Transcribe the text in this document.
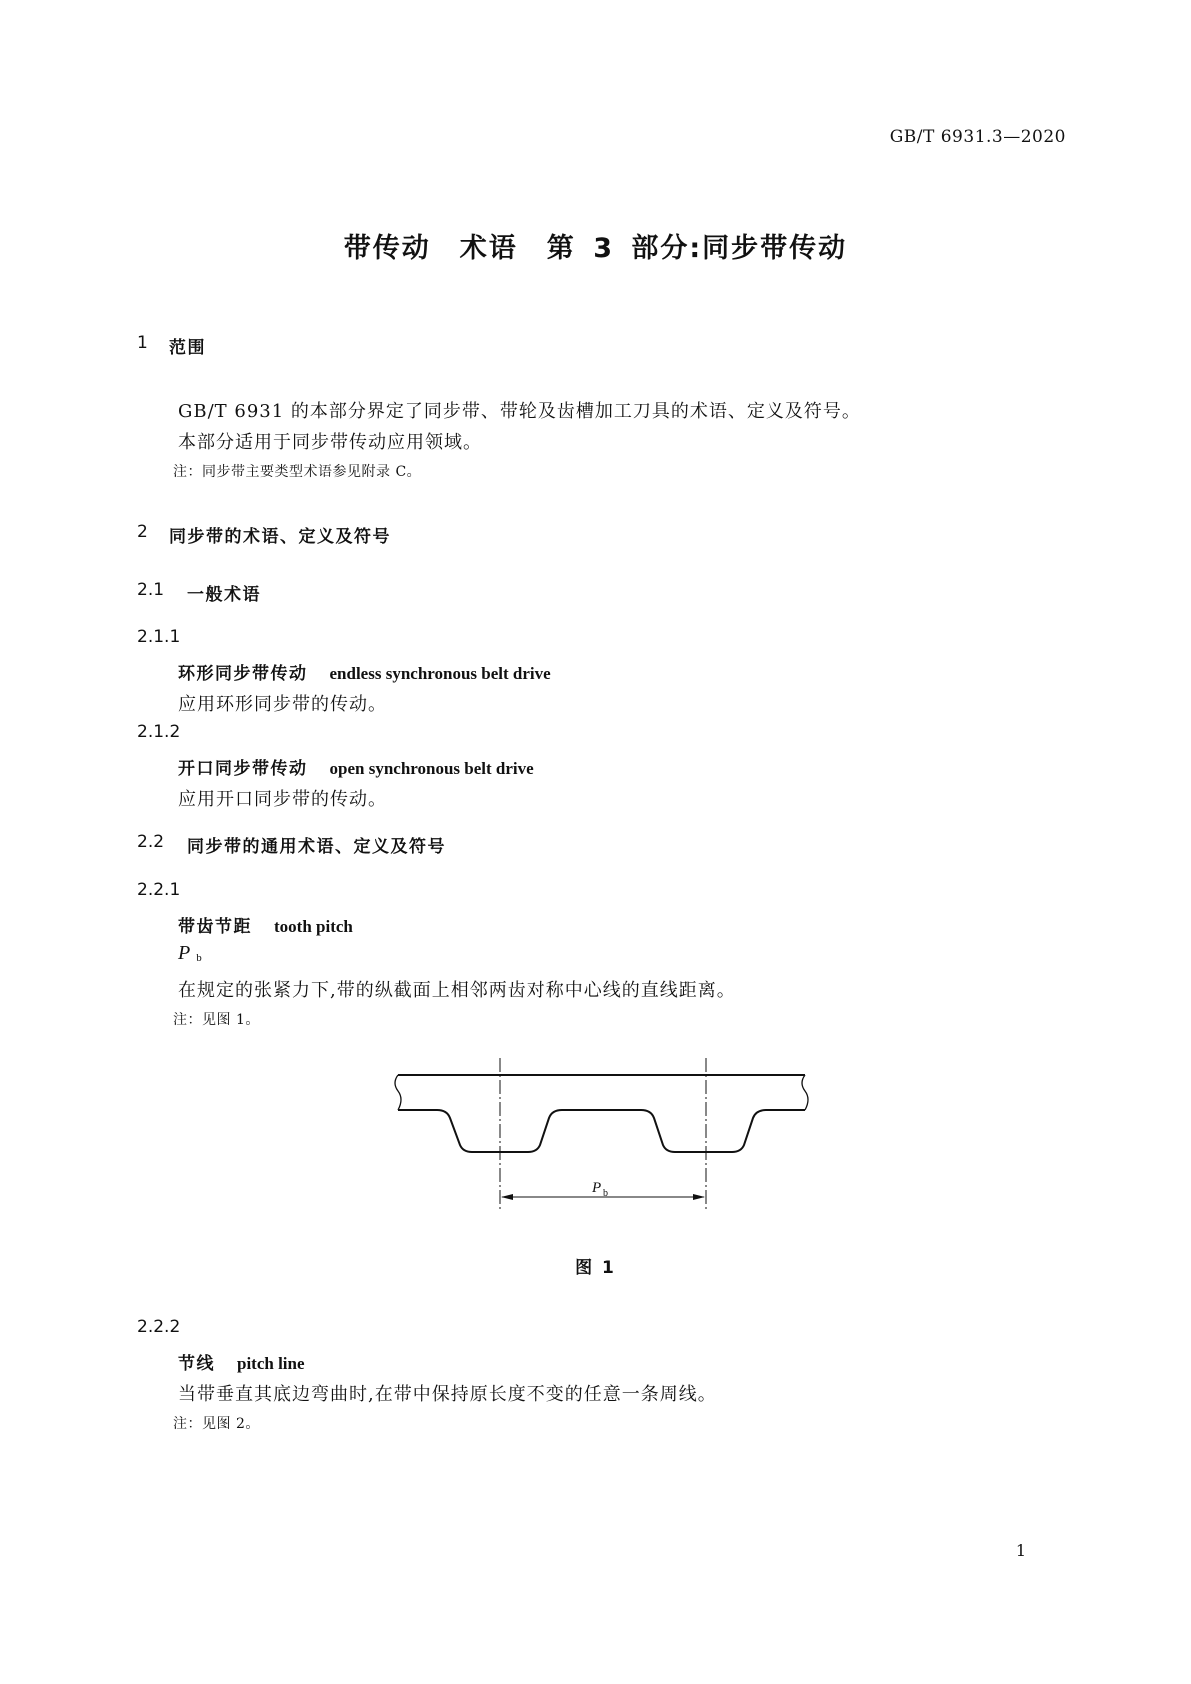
GB/T 6931.3—2020
带传动　术语　第 3 部分:同步带传动
1 范围
GB/T 6931 的本部分界定了同步带、带轮及齿槽加工刀具的术语、定义及符号。
本部分适用于同步带传动应用领域。
注：同步带主要类型术语参见附录 C。
2 同步带的术语、定义及符号
2.1 一般术语
2.1.1
环形同步带传动 endless synchronous belt drive
应用环形同步带的传动。
2.1.2
开口同步带传动 open synchronous belt drive
应用开口同步带的传动。
2.2 同步带的通用术语、定义及符号
2.2.1
带齿节距 tooth pitch
P $_b$
在规定的张紧力下,带的纵截面上相邻两齿对称中心线的直线距离。
注：见图 1。
P b
图 1
2.2.2
节线 pitch line
当带垂直其底边弯曲时,在带中保持原长度不变的任意一条周线。
注：见图 2。
1
